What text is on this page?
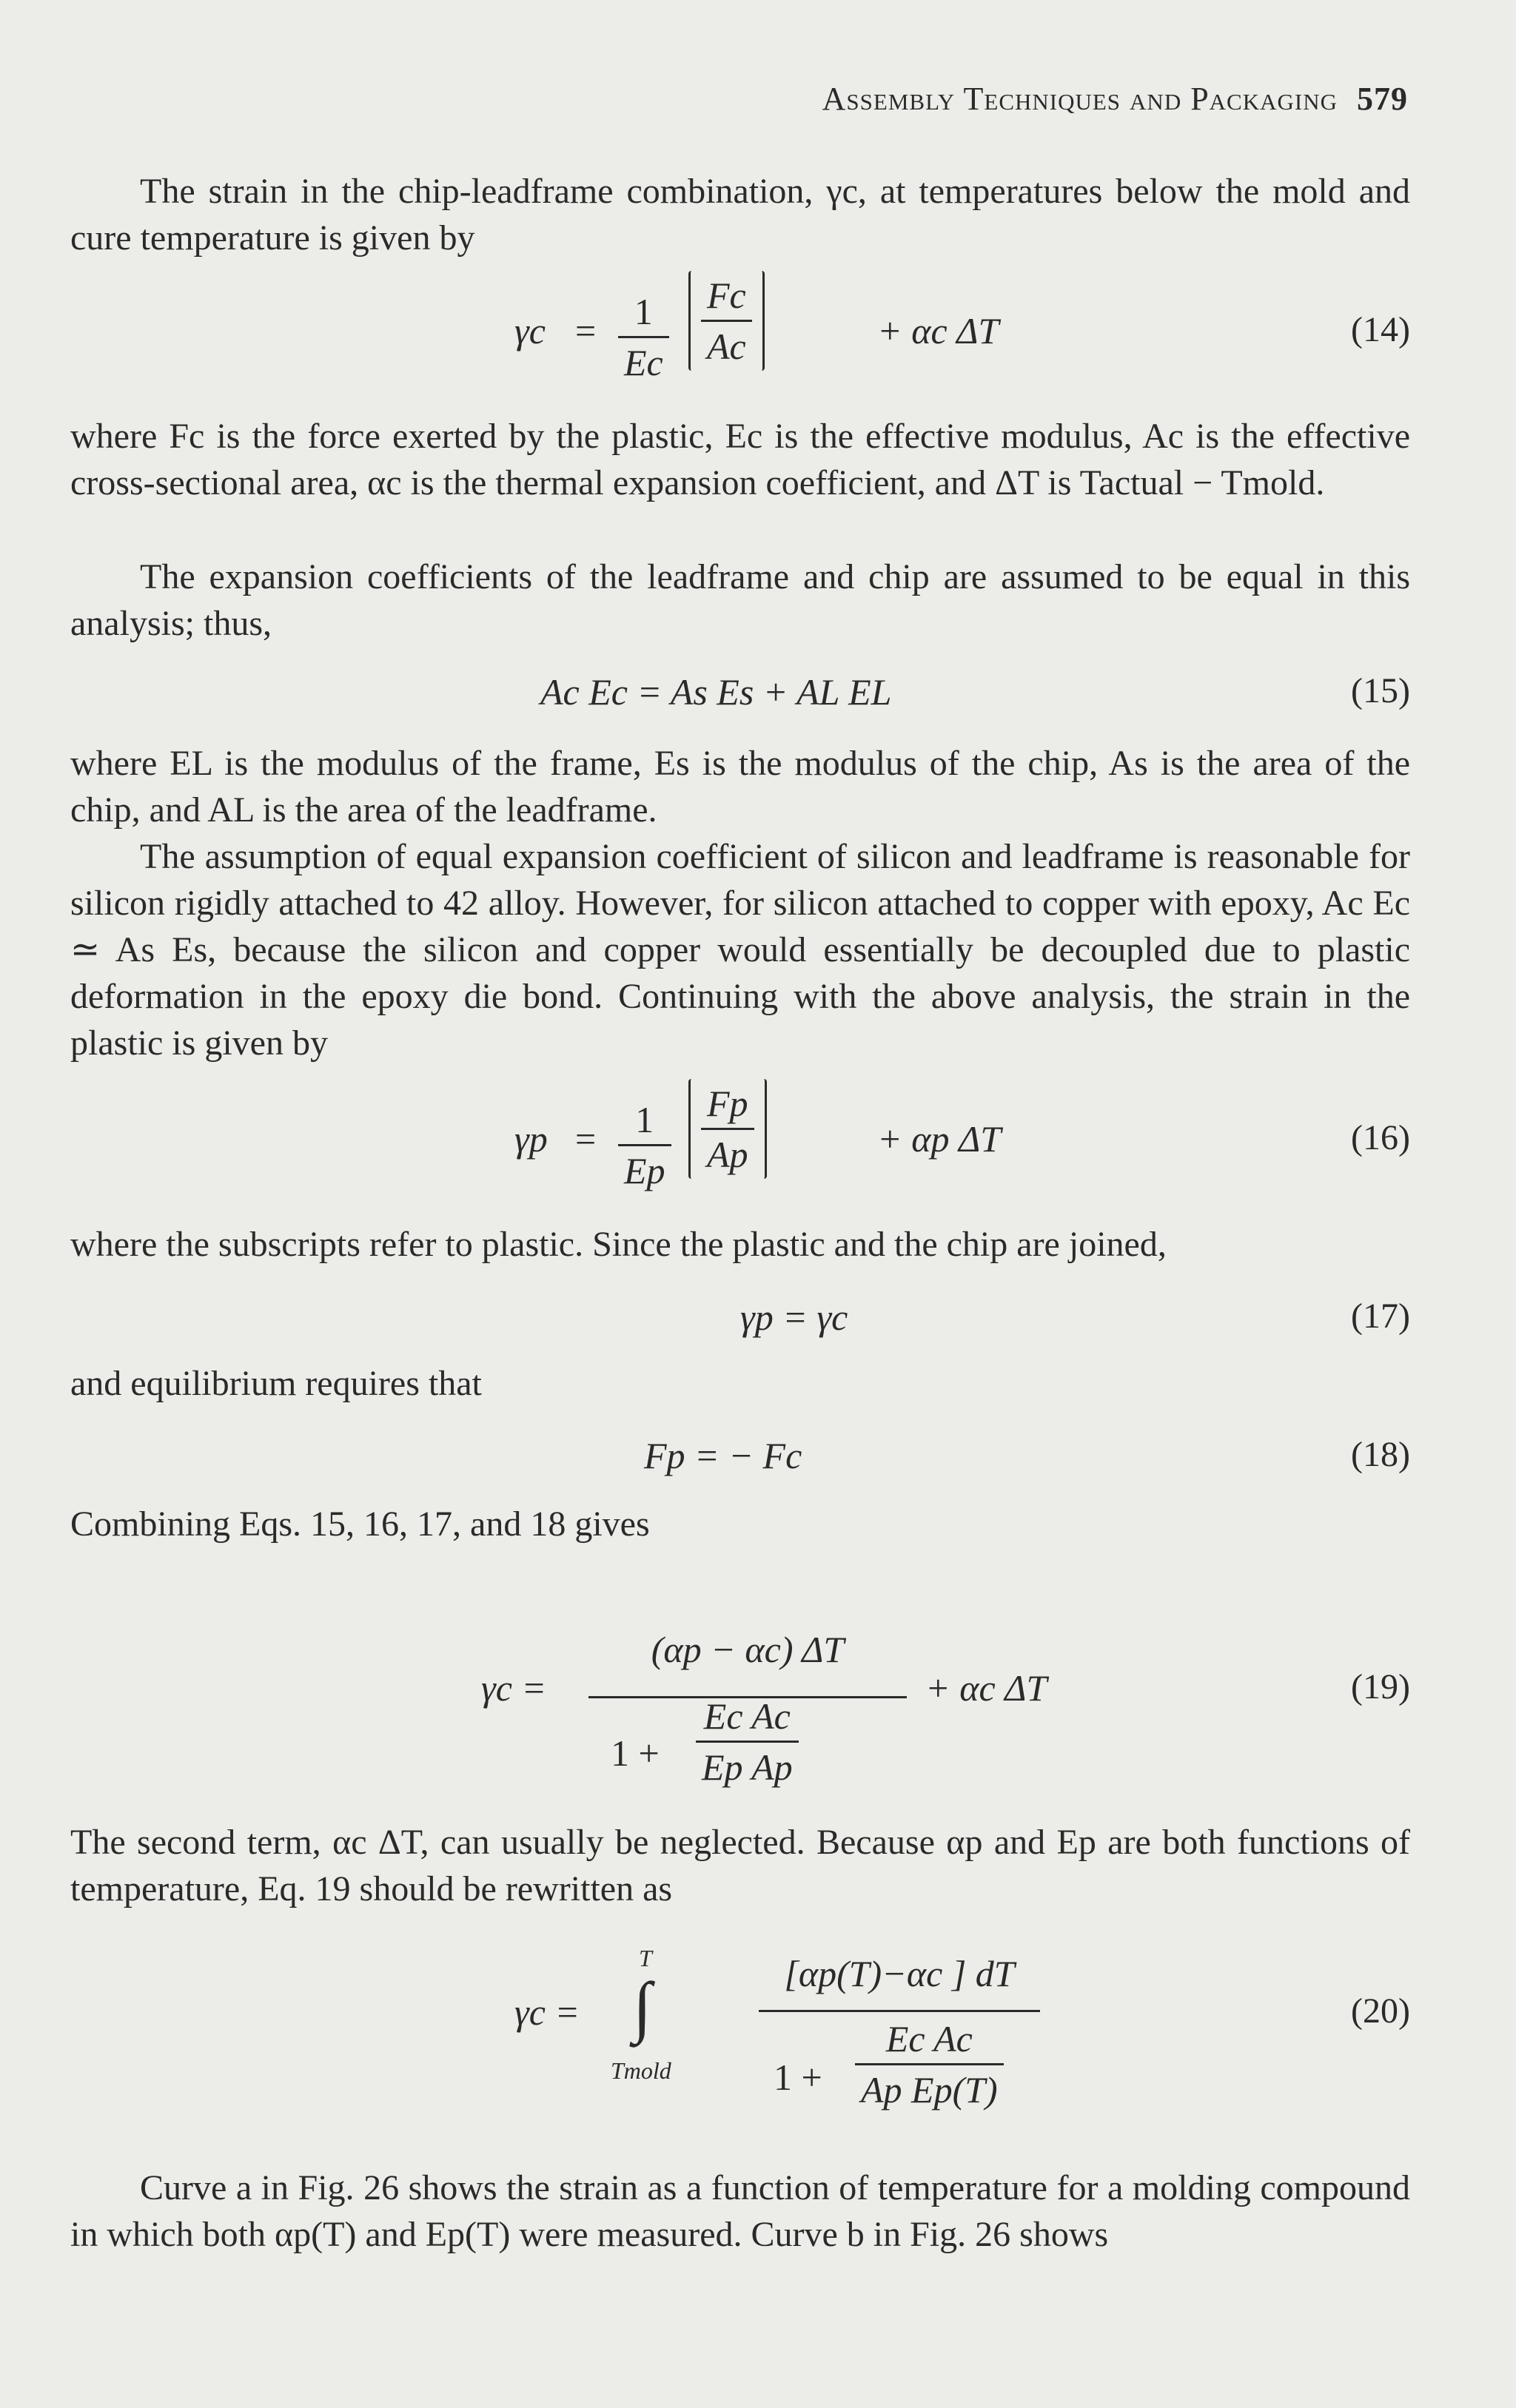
Assembly Techniques and Packaging 579
The strain in the chip-leadframe combination, γc, at temperatures below the mold and cure temperature is given by
$\gamma c = \frac{1}{Ec} \frac{Fc}{Ac}$	+ αc ΔT	(14)
where Fc is the force exerted by the plastic, Ec is the effective modulus, Ac is the effective cross-sectional area, αc is the thermal expansion coefficient, and ΔT is Tactual − Tmold.
The expansion coefficients of the leadframe and chip are assumed to be equal in this analysis; thus,
Ac Ec = As Es + AL EL	(15)
where EL is the modulus of the frame, Es is the modulus of the chip, As is the area of the chip, and AL is the area of the leadframe.
The assumption of equal expansion coefficient of silicon and leadframe is reasonable for silicon rigidly attached to 42 alloy. However, for silicon attached to copper with epoxy, Ac Ec ≃ As Es, because the silicon and copper would essentially be decoupled due to plastic deformation in the epoxy die bond. Continuing with the above analysis, the strain in the plastic is given by
$\gamma p = \frac{1}{Ep} \frac{Fp}{Ap}$	+ αp ΔT	(16)
where the subscripts refer to plastic. Since the plastic and the chip are joined,
γp = γc	(17)
and equilibrium requires that
Fp = − Fc	(18)
Combining Eqs. 15, 16, 17, and 18 gives
γc =
(αp − αc) ΔT
$1 + \frac{\text{Ec Ac}}{\text{Ep Ap}}$
+ αc ΔT	(19)
The second term, αc ΔT, can usually be neglected. Because αp and Ep are both functions of temperature, Eq. 19 should be rewritten as
γc =
T
∫
Tmold
[αp(T)−αc ] dT
$1 + \frac{\text{Ec Ac}}{\text{Ap Ep(T)}}$
(20)
Curve a in Fig. 26 shows the strain as a function of temperature for a molding compound in which both αp(T) and Ep(T) were measured. Curve b in Fig. 26 shows
